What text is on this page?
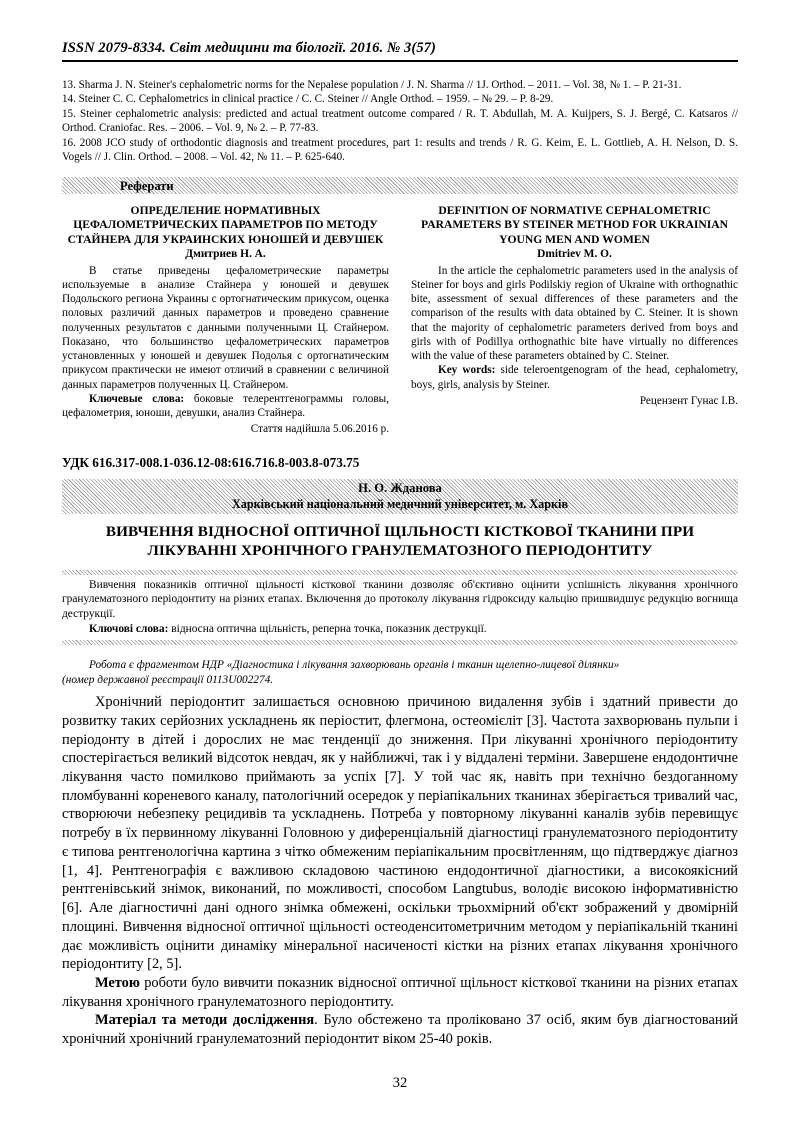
ISSN 2079-8334. Світ медицини та біології. 2016. № 3(57)

13. Sharma J. N. Steiner's cephalometric norms for the Nepalese population / J. N. Sharma // 1J. Orthod. – 2011. – Vol. 38, № 1. – P. 21-31.

14. Steiner C. C. Cephalometrics in clinical practice / C. C. Steiner // Angle Orthod. – 1959. – № 29. – P. 8-29.

15. Steiner cephalometric analysis: predicted and actual treatment outcome compared / R. T. Abdullah, M. A. Kuijpers, S. J. Bergé, C. Katsaros // Orthod. Craniofac. Res. – 2006. – Vol. 9, № 2. – P. 77-83.

16. 2008 JCO study of orthodontic diagnosis and treatment procedures, part 1: results and trends / R. G. Keim, E. L. Gottlieb, A. H. Nelson, D. S. Vogels // J. Clin. Orthod. – 2008. – Vol. 42, № 11. – P. 625-640.

Реферати
ОПРЕДЕЛЕНИЕ НОРМАТИВНЫХ ЦЕФАЛОМЕТРИЧЕСКИХ ПАРАМЕТРОВ ПО МЕТОДУ СТАЙНЕРА ДЛЯ УКРАИНСКИХ ЮНОШЕЙ И ДЕВУШЕК
Дмитриев Н. А.

В статье приведены цефалометрические параметры используемые в анализе Стайнера у юношей и девушек Подольского региона Украины с ортогнатическим прикусом, оценка половых различий данных параметров и проведено сравнение полученных результатов с данными полученными Ц. Стайнером. Показано, что большинство цефалометрических параметров установленных у юношей и девушек Подолья с ортогнатическим прикусом практически не имеют отличий в сравнении с величиной данных параметров полученных Ц. Стайнером.

Ключевые слова: боковые телерентгенограммы головы, цефалометрия, юноши, девушки, анализ Стайнера.

Стаття надійшла 5.06.2016 р.
DEFINITION OF NORMATIVE CEPHALOMETRIC PARAMETERS BY STEINER METHOD FOR UKRAINIAN YOUNG MEN AND WOMEN
Dmitriev M. O.

In the article the cephalometric parameters used in the analysis of Steiner for boys and girls Podilskiy region of Ukraine with orthognathic bite, assessment of sexual differences of these parameters and the comparison of the results with data obtained by C. Steiner. It is shown that the majority of cephalometric parameters derived from boys and girls with of Podillya orthognathic bite have virtually no differences with the value of these parameters obtained by C. Steiner.

Key words: side teleroentgenogram of the head, cephalometry, boys, girls, analysis by Steiner.

Рецензент Гунас І.В.
УДК 616.317-008.1-036.12-08:616.716.8-003.8-073.75
Н. О. Жданова
Харківський національний медичний університет, м. Харків
ВИВЧЕННЯ ВІДНОСНОЇ ОПТИЧНОЇ ЩІЛЬНОСТІ КІСТКОВОЇ ТКАНИНИ ПРИ ЛІКУВАННІ ХРОНІЧНОГО ГРАНУЛЕМАТОЗНОГО ПЕРІОДОНТИТУ

Вивчення показників оптичної щільності кісткової тканини дозволяє об'єктивно оцінити успішність лікування хронічного гранулематозного періодонтиту на різних етапах. Включення до протоколу лікування гідроксиду кальцію пришвидшує редукцію вогнища деструкції.

Ключові слова: відносна оптична щільність, реперна точка, показник деструкції.

Робота є фрагментом НДР «Діагностика і лікування захворювань органів і тканин щелепно-лицевої ділянки»

(номер державної реєстрації 0113U002274.

Хронічний періодонтит залишається основною причиною видалення зубів і здатний привести до розвитку таких серйозних ускладнень як періостит, флегмона, остеомієліт [3]. Частота захворювань пульпи і періодонту в дітей і дорослих не має тенденції до зниження. При лікуванні хронічного періодонтиту спостерігається великий відсоток невдач, як у найближчі, так і у віддалені терміни. Завершене ендодонтичне лікування часто помилково приймають за успіх [7]. У той час як, навіть при технічно бездоганному пломбуванні кореневого каналу, патологічний осередок у періапікальних тканинах зберігається тривалий час, створюючи небезпеку рецидивів та ускладнень. Потреба у повторному лікуванні каналів зубів перевищує потребу в їх первинному лікуванні Головною у диференціальній діагностиці гранулематозного періодонтиту є типова рентгенологічна картина з чітко обмеженим періапікальним просвітленням, що підтверджує діагноз [1, 4]. Рентгенографія є важливою складовою частиною ендодонтичної діагностики, а високоякісний рентгенівський знімок, виконаний, по можливості, способом Langtubus, володіє високою інформативністю [6]. Але діагностичні дані одного знімка обмежені, оскільки трьохмірний об'єкт зображений у двомірній площині. Вивчення відносної оптичної щільності остеоденситометричним методом у періапікальній тканині дає можливість оцінити динаміку мінеральної насиченості кістки на різних етапах лікування хронічного періодонтиту [2, 5].

Метою роботи було вивчити показник відносної оптичної щільност кісткової тканини на різних етапах лікування хронічного гранулематозного періодонтиту.

Матеріал та методи дослідження. Було обстежено та проліковано 37 осіб, яким був діагностований хронічний хронічний гранулематозний періодонтит віком 25-40 років.

32
